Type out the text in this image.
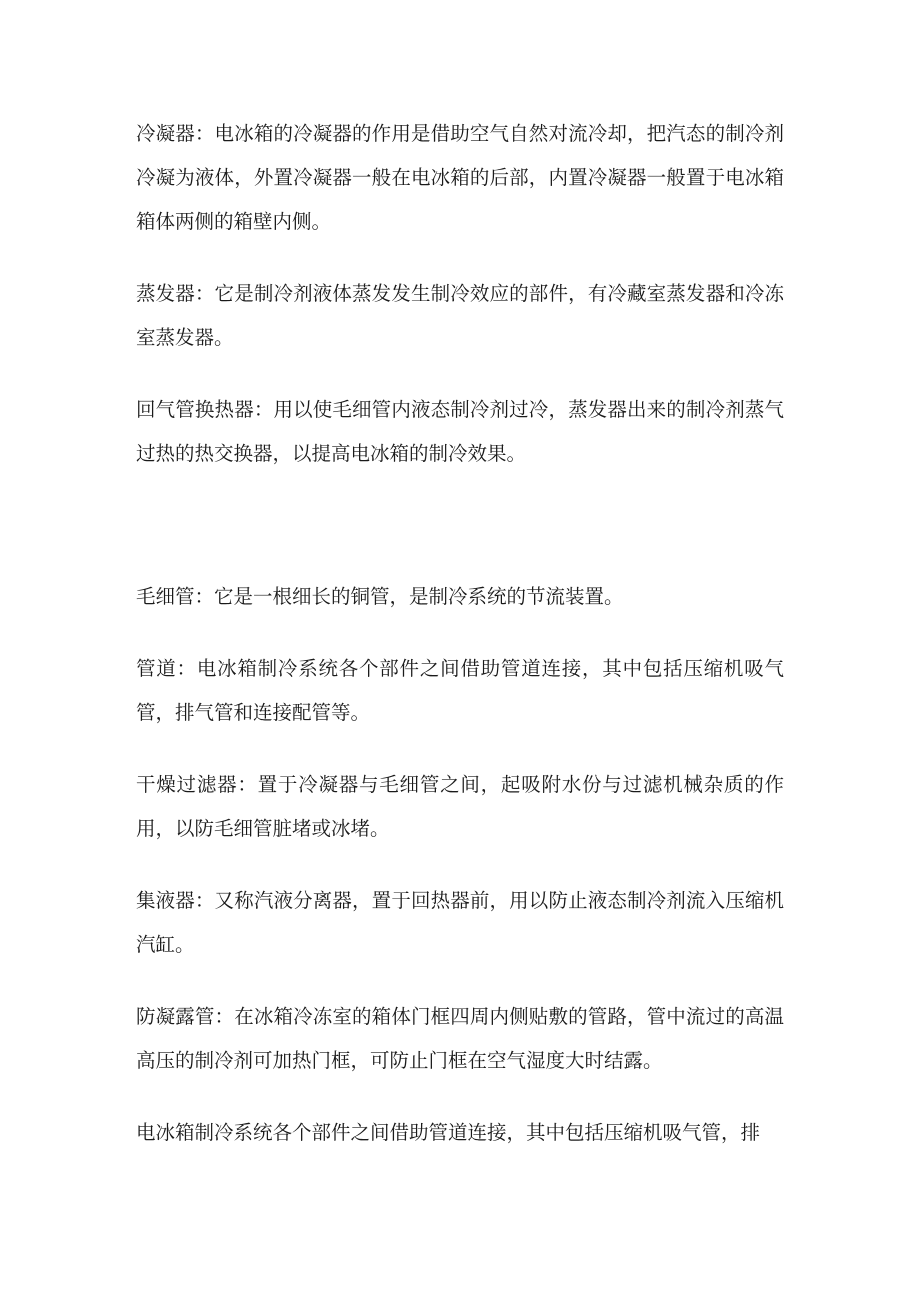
冷凝器：电冰箱的冷凝器的作用是借助空气自然对流冷却，把汽态的制冷剂冷凝为液体，外置冷凝器一般在电冰箱的后部，内置冷凝器一般置于电冰箱箱体两侧的箱壁内侧。

蒸发器：它是制冷剂液体蒸发发生制冷效应的部件，有冷藏室蒸发器和冷冻室蒸发器。

回气管换热器：用以使毛细管内液态制冷剂过冷，蒸发器出来的制冷剂蒸气过热的热交换器，以提高电冰箱的制冷效果。

毛细管：它是一根细长的铜管，是制冷系统的节流装置。

管道：电冰箱制冷系统各个部件之间借助管道连接，其中包括压缩机吸气管，排气管和连接配管等。

干燥过滤器：置于冷凝器与毛细管之间，起吸附水份与过滤机械杂质的作用，以防毛细管脏堵或冰堵。

集液器：又称汽液分离器，置于回热器前，用以防止液态制冷剂流入压缩机汽缸。

防凝露管：在冰箱冷冻室的箱体门框四周内侧贴敷的管路，管中流过的高温高压的制冷剂可加热门框，可防止门框在空气湿度大时结露。

电冰箱制冷系统各个部件之间借助管道连接，其中包括压缩机吸气管，排
